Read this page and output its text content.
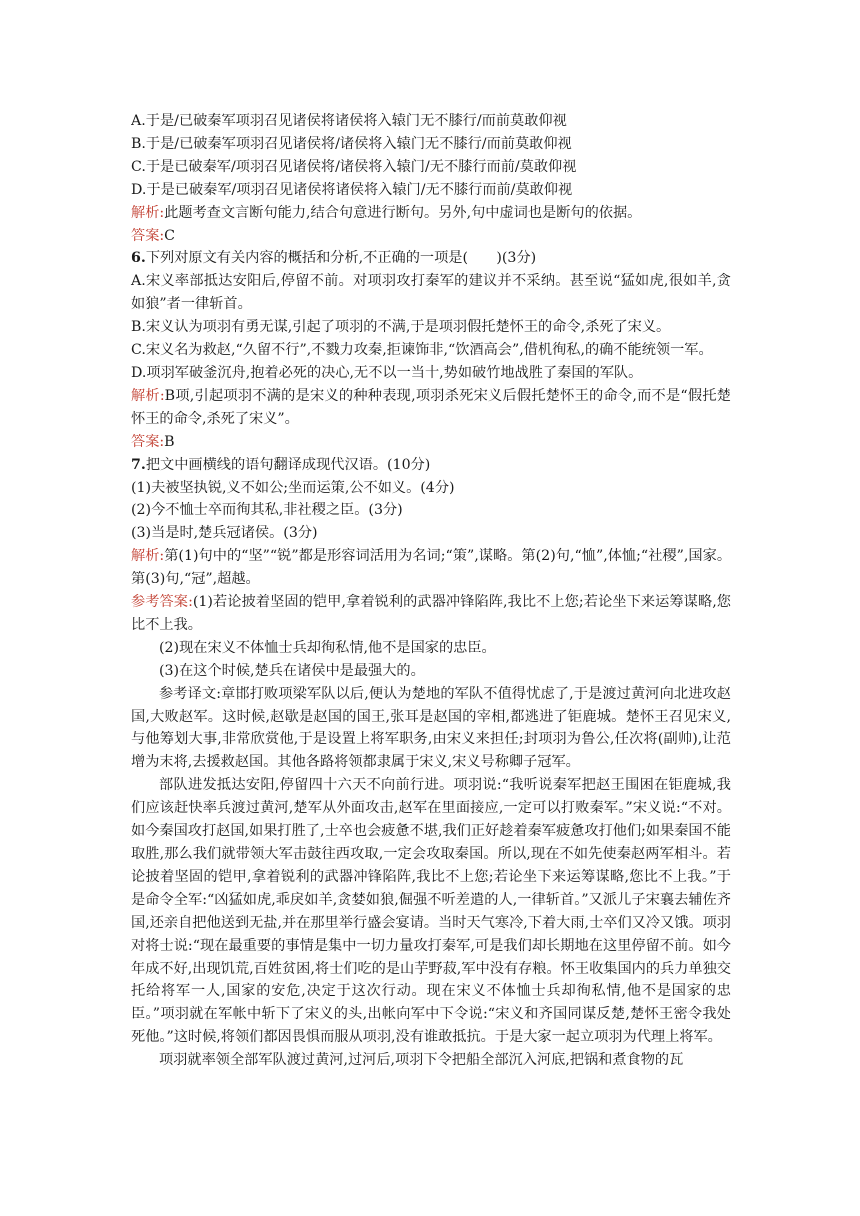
A.于是/已破秦军项羽召见诸侯将诸侯将入辕门无不膝行/而前莫敢仰视
B.于是/已破秦军项羽召见诸侯将/诸侯将入辕门无不膝行/而前莫敢仰视
C.于是已破秦军/项羽召见诸侯将/诸侯将入辕门/无不膝行而前/莫敢仰视
D.于是已破秦军/项羽召见诸侯将诸侯将入辕门/无不膝行而前/莫敢仰视

解析:此题考查文言断句能力,结合句意进行断句。另外,句中虚词也是断句的依据。

答案:C

6.下列对原文有关内容的概括和分析,不正确的一项是(　　)(3分)

A.宋义率部抵达安阳后,停留不前。对项羽攻打秦军的建议并不采纳。甚至说“猛如虎,很如羊,贪如狼”者一律斩首。

B.宋义认为项羽有勇无谋,引起了项羽的不满,于是项羽假托楚怀王的命令,杀死了宋义。

C.宋义名为救赵,“久留不行”,不戮力攻秦,拒谏饰非,“饮酒高会”,借机徇私,的确不能统领一军。

D.项羽军破釜沉舟,抱着必死的决心,无不以一当十,势如破竹地战胜了秦国的军队。

解析:B项,引起项羽不满的是宋义的种种表现,项羽杀死宋义后假托楚怀王的命令,而不是“假托楚怀王的命令,杀死了宋义”。

答案:B

7.把文中画横线的语句翻译成现代汉语。(10分)

(1)夫被坚执锐,义不如公;坐而运策,公不如义。(4分)

(2)今不恤士卒而徇其私,非社稷之臣。(3分)

(3)当是时,楚兵冠诸侯。(3分)

解析:第(1)句中的“坚”“锐”都是形容词活用为名词;“策”,谋略。第(2)句,“恤”,体恤;“社稷”,国家。第(3)句,“冠”,超越。

参考答案:(1)若论披着坚固的铠甲,拿着锐利的武器冲锋陷阵,我比不上您;若论坐下来运筹谋略,您比不上我。

(2)现在宋义不体恤士兵却徇私情,他不是国家的忠臣。

(3)在这个时候,楚兵在诸侯中是最强大的。

参考译文:章邯打败项梁军队以后,便认为楚地的军队不值得忧虑了,于是渡过黄河向北进攻赵国,大败赵军。这时候,赵歇是赵国的国王,张耳是赵国的宰相,都逃进了钜鹿城。楚怀王召见宋义,与他筹划大事,非常欣赏他,于是设置上将军职务,由宋义来担任;封项羽为鲁公,任次将(副帅),让范增为末将,去援救赵国。其他各路将领都隶属于宋义,宋义号称卿子冠军。

部队进发抵达安阳,停留四十六天不向前行进。项羽说:“我听说秦军把赵王围困在钜鹿城,我们应该赶快率兵渡过黄河,楚军从外面攻击,赵军在里面接应,一定可以打败秦军。”宋义说:“不对。如今秦国攻打赵国,如果打胜了,士卒也会疲惫不堪,我们正好趁着秦军疲惫攻打他们;如果秦国不能取胜,那么我们就带领大军击鼓往西攻取,一定会攻取秦国。所以,现在不如先使秦赵两军相斗。若论披着坚固的铠甲,拿着锐利的武器冲锋陷阵,我比不上您;若论坐下来运筹谋略,您比不上我。”于是命令全军:“凶猛如虎,乖戾如羊,贪婪如狼,倔强不听差遣的人,一律斩首。”又派儿子宋襄去辅佐齐国,还亲自把他送到无盐,并在那里举行盛会宴请。当时天气寒冷,下着大雨,士卒们又冷又饿。项羽对将士说:“现在最重要的事情是集中一切力量攻打秦军,可是我们却长期地在这里停留不前。如今年成不好,出现饥荒,百姓贫困,将士们吃的是山芋野菽,军中没有存粮。怀王收集国内的兵力单独交托给将军一人,国家的安危,决定于这次行动。现在宋义不体恤士兵却徇私情,他不是国家的忠臣。”项羽就在军帐中斩下了宋义的头,出帐向军中下令说:“宋义和齐国同谋反楚,楚怀王密令我处死他。”这时候,将领们都因畏惧而服从项羽,没有谁敢抵抗。于是大家一起立项羽为代理上将军。

项羽就率领全部军队渡过黄河,过河后,项羽下令把船全部沉入河底,把锅和煮食物的瓦
